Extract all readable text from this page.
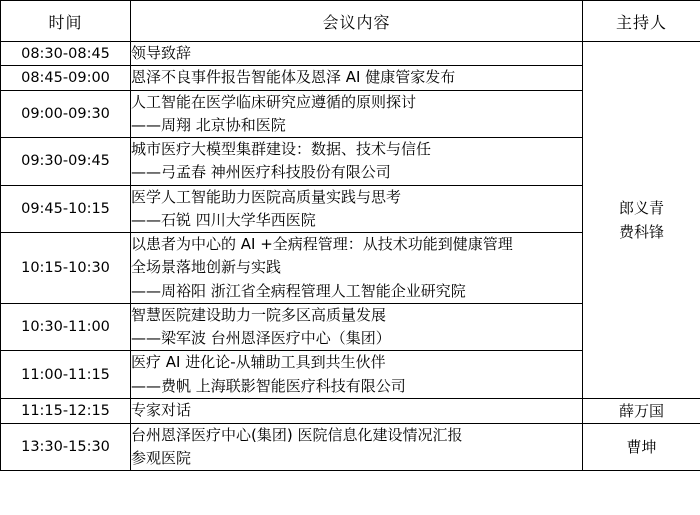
时间	会议内容	主持人
08:30-08:45	领导致辞	郎义青
费科锋

08:45-09:00	恩泽不良事件报告智能体及恩泽 AI 健康管家发布	

09:00-09:30	人工智能在医学临床研究应遵循的原则探讨
——周翔 北京协和医院	

09:30-09:45	城市医疗大模型集群建设：数据、技术与信任
——弓孟春 神州医疗科技股份有限公司	

09:45-10:15	医学人工智能助力医院高质量实践与思考
——石锐 四川大学华西医院	

10:15-10:30	以患者为中心的 AI +全病程管理：从技术功能到健康管理
全场景落地创新与实践
——周裕阳 浙江省全病程管理人工智能企业研究院	

10:30-11:00	智慧医院建设助力一院多区高质量发展
——梁军波 台州恩泽医疗中心（集团）	

11:00-11:15	医疗 AI 进化论-从辅助工具到共生伙伴
——费帆 上海联影智能医疗科技有限公司	

11:15-12:15	专家对话	薛万国

13:30-15:30	台州恩泽医疗中心(集团) 医院信息化建设情况汇报
参观医院	曹坤
